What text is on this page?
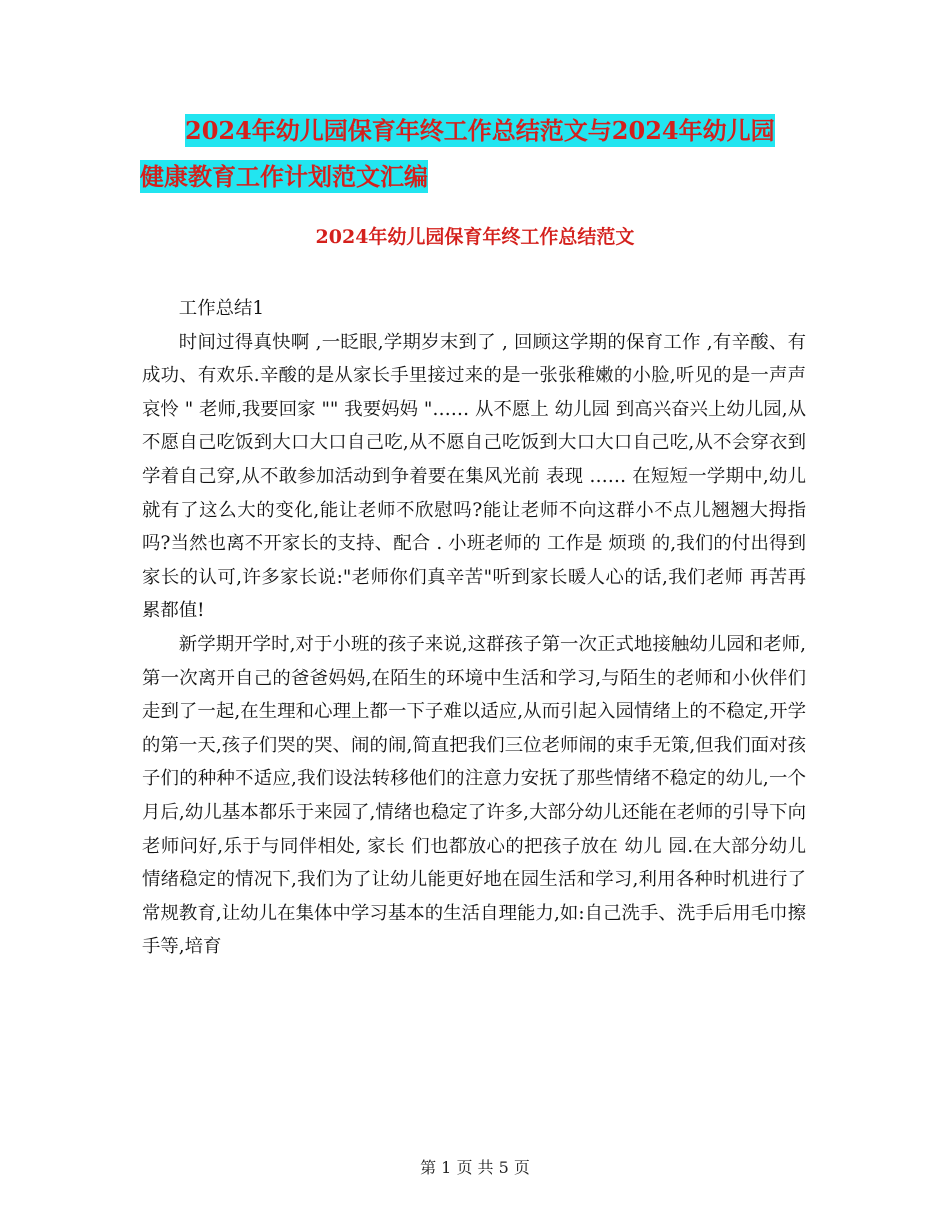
2024年幼儿园保育年终工作总结范文与2024年幼儿园
健康教育工作计划范文汇编
2024年幼儿园保育年终工作总结范文

工作总结1

时间过得真快啊 ,一眨眼,学期岁末到了 , 回顾这学期的保育工作 ,有辛酸、有成功、有欢乐.辛酸的是从家长手里接过来的是一张张稚嫩的小脸,听见的是一声声哀怜 " 老师,我要回家 "" 我要妈妈 "…… 从不愿上 幼儿园 到高兴奋兴上幼儿园,从不愿自己吃饭到大口大口自己吃,从不愿自己吃饭到大口大口自己吃,从不会穿衣到学着自己穿,从不敢参加活动到争着要在集风光前 表现 …… 在短短一学期中,幼儿就有了这么大的变化,能让老师不欣慰吗?能让老师不向这群小不点儿翘翘大拇指吗?当然也离不开家长的支持、配合 . 小班老师的 工作是 烦琐 的,我们的付出得到家长的认可,许多家长说:"老师你们真辛苦"听到家长暖人心的话,我们老师 再苦再累都值!

新学期开学时,对于小班的孩子来说,这群孩子第一次正式地接触幼儿园和老师,第一次离开自己的爸爸妈妈,在陌生的环境中生活和学习,与陌生的老师和小伙伴们走到了一起,在生理和心理上都一下子难以适应,从而引起入园情绪上的不稳定,开学的第一天,孩子们哭的哭、闹的闹,简直把我们三位老师闹的束手无策,但我们面对孩子们的种种不适应,我们设法转移他们的注意力安抚了那些情绪不稳定的幼儿,一个月后,幼儿基本都乐于来园了,情绪也稳定了许多,大部分幼儿还能在老师的引导下向老师问好,乐于与同伴相处, 家长 们也都放心的把孩子放在 幼儿 园.在大部分幼儿情绪稳定的情况下,我们为了让幼儿能更好地在园生活和学习,利用各种时机进行了常规教育,让幼儿在集体中学习基本的生活自理能力,如:自己洗手、洗手后用毛巾擦手等,培育

第 1 页 共 5 页
